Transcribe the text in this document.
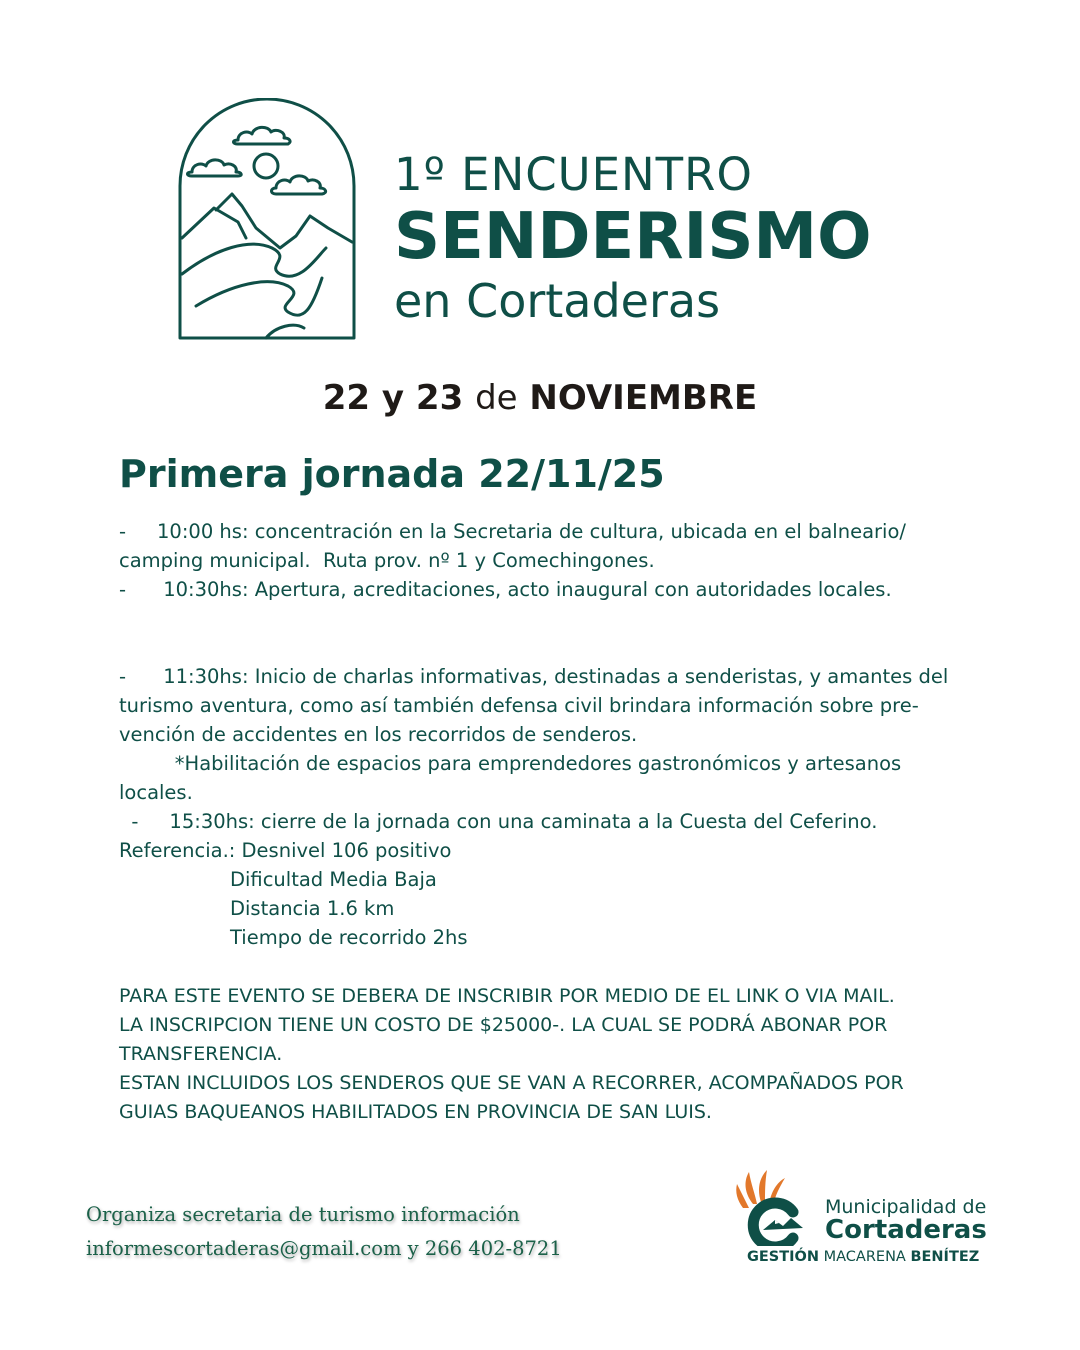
1º ENCUENTRO
SENDERISMO
en Cortaderas
22 y 23 de NOVIEMBRE
Primera jornada 22/11/25

-     10:00 hs: concentración en la Secretaria de cultura, ubicada en el balneario/

camping municipal.  Ruta prov. nº 1 y Comechingones.

-      10:30hs: Apertura, acreditaciones, acto inaugural con autoridades locales.

-      11:30hs: Inicio de charlas informativas, destinadas a senderistas, y amantes del

turismo aventura, como así también defensa civil brindara información sobre pre-

vención de accidentes en los recorridos de senderos.

*Habilitación de espacios para emprendedores gastronómicos y artesanos

locales.

-     15:30hs: cierre de la jornada con una caminata a la Cuesta del Ceferino.

Referencia.: Desnivel 106 positivo

Dificultad Media Baja

Distancia 1.6 km

Tiempo de recorrido 2hs

PARA ESTE EVENTO SE DEBERA DE INSCRIBIR POR MEDIO DE EL LINK O VIA MAIL.

LA INSCRIPCION TIENE UN COSTO DE $25000-. LA CUAL SE PODRÁ ABONAR POR

TRANSFERENCIA.

ESTAN INCLUIDOS LOS SENDEROS QUE SE VAN A RECORRER, ACOMPAÑADOS POR

GUIAS BAQUEANOS HABILITADOS EN PROVINCIA DE SAN LUIS.

Organiza secretaria de turismo información

informescortaderas@gmail.com y 266 402-8721

Municipalidad de
Cortaderas
GESTIÓN MACARENA BENÍTEZ
